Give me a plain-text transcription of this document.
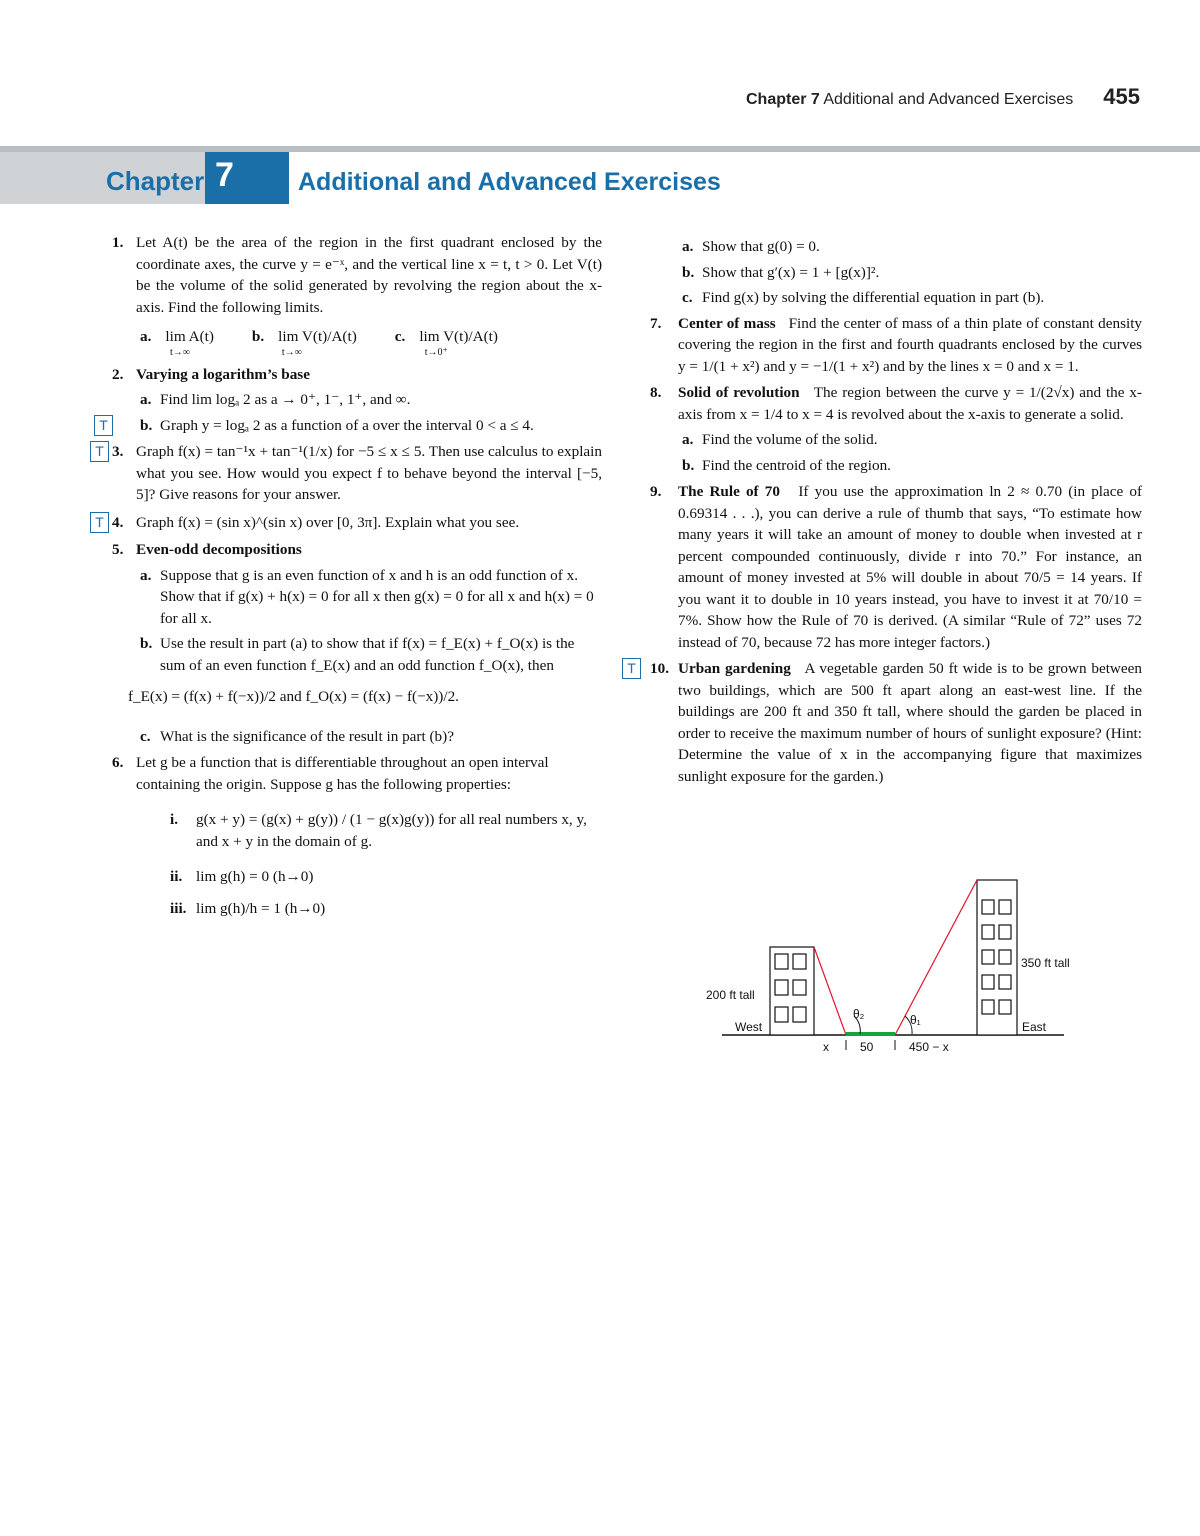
Chapter 7 Additional and Advanced Exercises 455
Chapter 7	Additional and Advanced Exercises
1. Let A(t) be the area of the region in the first quadrant enclosed by the coordinate axes, the curve y = e⁻ˣ, and the vertical line x = t, t > 0. Let V(t) be the volume of the solid generated by revolving the region about the x-axis. Find the following limits.
a. lim A(t)
t→∞
b. lim V(t)/A(t)
t→∞
c. lim V(t)/A(t)
t→0⁺
2. Varying a logarithm’s base
a. Find lim logₐ 2 as a → 0⁺, 1⁻, 1⁺, and ∞.
T	b. Graph y = logₐ 2 as a function of a over the interval 0 < a ≤ 4.
T 3. Graph f(x) = tan⁻¹x + tan⁻¹(1/x) for −5 ≤ x ≤ 5. Then use calculus to explain what you see. How would you expect f to behave beyond the interval [−5, 5]? Give reasons for your answer.
T 4. Graph f(x) = (sin x)^(sin x) over [0, 3π]. Explain what you see.
5. Even-odd decompositions
a. Suppose that g is an even function of x and h is an odd function of x. Show that if g(x) + h(x) = 0 for all x then g(x) = 0 for all x and h(x) = 0 for all x.
b. Use the result in part (a) to show that if f(x) = f_E(x) + f_O(x) is the sum of an even function f_E(x) and an odd function f_O(x), then
f_E(x) = (f(x) + f(−x))/2 and f_O(x) = (f(x) − f(−x))/2.
c. What is the significance of the result in part (b)?
6. Let g be a function that is differentiable throughout an open interval containing the origin. Suppose g has the following properties:
i. g(x + y) = (g(x) + g(y)) / (1 − g(x)g(y)) for all real numbers x, y, and x + y in the domain of g.
ii. lim g(h) = 0 (h→0)
iii. lim g(h)/h = 1 (h→0)
a. Show that g(0) = 0.
b. Show that g′(x) = 1 + [g(x)]².
c. Find g(x) by solving the differential equation in part (b).
7. Center of mass Find the center of mass of a thin plate of constant density covering the region in the first and fourth quadrants enclosed by the curves y = 1/(1 + x²) and y = −1/(1 + x²) and by the lines x = 0 and x = 1.
8. Solid of revolution The region between the curve y = 1/(2√x) and the x-axis from x = 1/4 to x = 4 is revolved about the x-axis to generate a solid.
a. Find the volume of the solid.
b. Find the centroid of the region.
9. The Rule of 70 If you use the approximation ln 2 ≈ 0.70 (in place of 0.69314 . . .), you can derive a rule of thumb that says, “To estimate how many years it will take an amount of money to double when invested at r percent compounded continuously, divide r into 70.” For instance, an amount of money invested at 5% will double in about 70/5 = 14 years. If you want it to double in 10 years instead, you have to invest it at 70/10 = 7%. Show how the Rule of 70 is derived. (A similar “Rule of 72” uses 72 instead of 70, because 72 has more integer factors.)
T 10. Urban gardening A vegetable garden 50 ft wide is to be grown between two buildings, which are 500 ft apart along an east-west line. If the buildings are 200 ft and 350 ft tall, where should the garden be placed in order to receive the maximum number of hours of sunlight exposure? (Hint: Determine the value of x in the accompanying figure that maximizes sunlight exposure for the garden.)
θ₂	θ₁
200 ft tall
350 ft tall
West	East
x	50	450 − x
